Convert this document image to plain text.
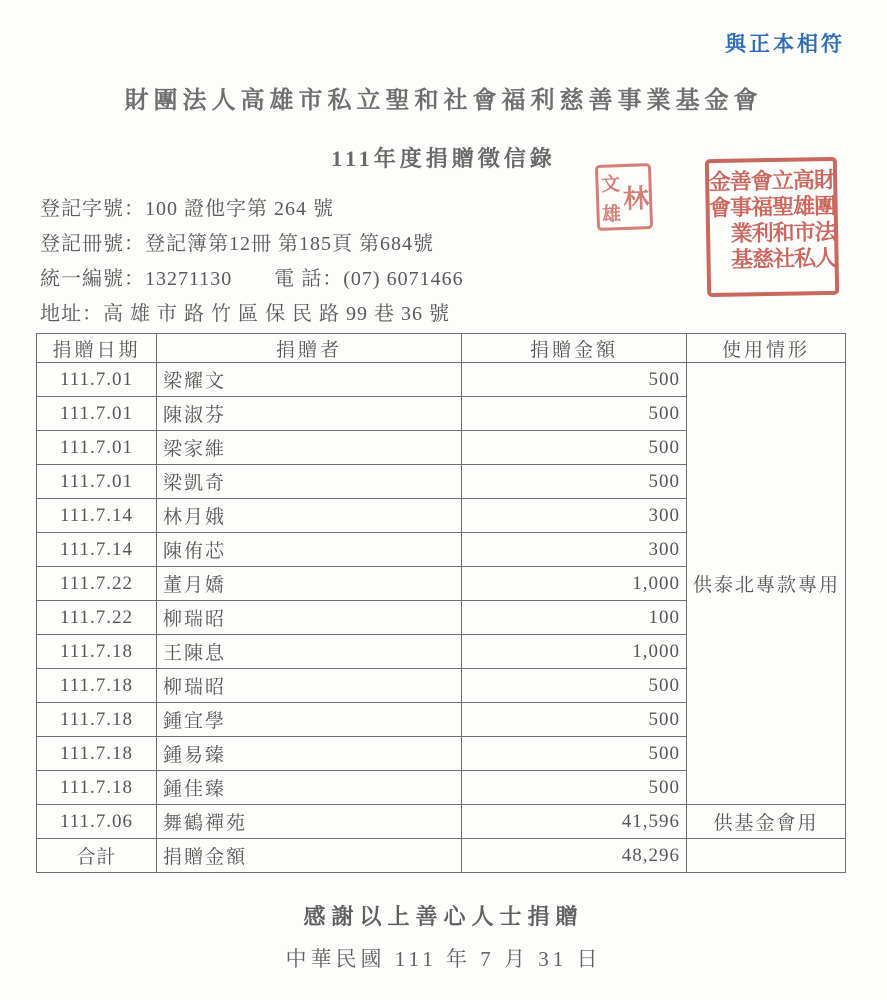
與正本相符
財團法人高雄市私立聖和社會福利慈善事業基金會
111年度捐贈徵信錄
林
文
雄	財團法人高雄市私立聖和社會福利慈善事業基金會
登記字號：100 證他字第 264 號
登記冊號：登記簿第12冊 第185頁 第684號
統一編號：13271130　　電 話：(07) 6071466
地址：高 雄 市 路 竹 區 保 民 路 99 巷 36 號
捐贈日期	捐贈者	捐贈金額	使用情形
111.7.01	梁耀文	500	供泰北專款專用
111.7.01	陳淑芬	500	
111.7.01	梁家維	500	
111.7.01	梁凱奇	500	
111.7.14	林月娥	300	
111.7.14	陳侑芯	300	
111.7.22	董月嬌	1,000	
111.7.22	柳瑞昭	100	
111.7.18	王陳息	1,000	
111.7.18	柳瑞昭	500	
111.7.18	鍾宜學	500	
111.7.18	鍾易臻	500	
111.7.18	鍾佳臻	500	
111.7.06	舞鶴禪苑	41,596	供基金會用
合計	捐贈金額	48,296	
感謝以上善心人士捐贈
中華民國 111 年 7 月 31 日
